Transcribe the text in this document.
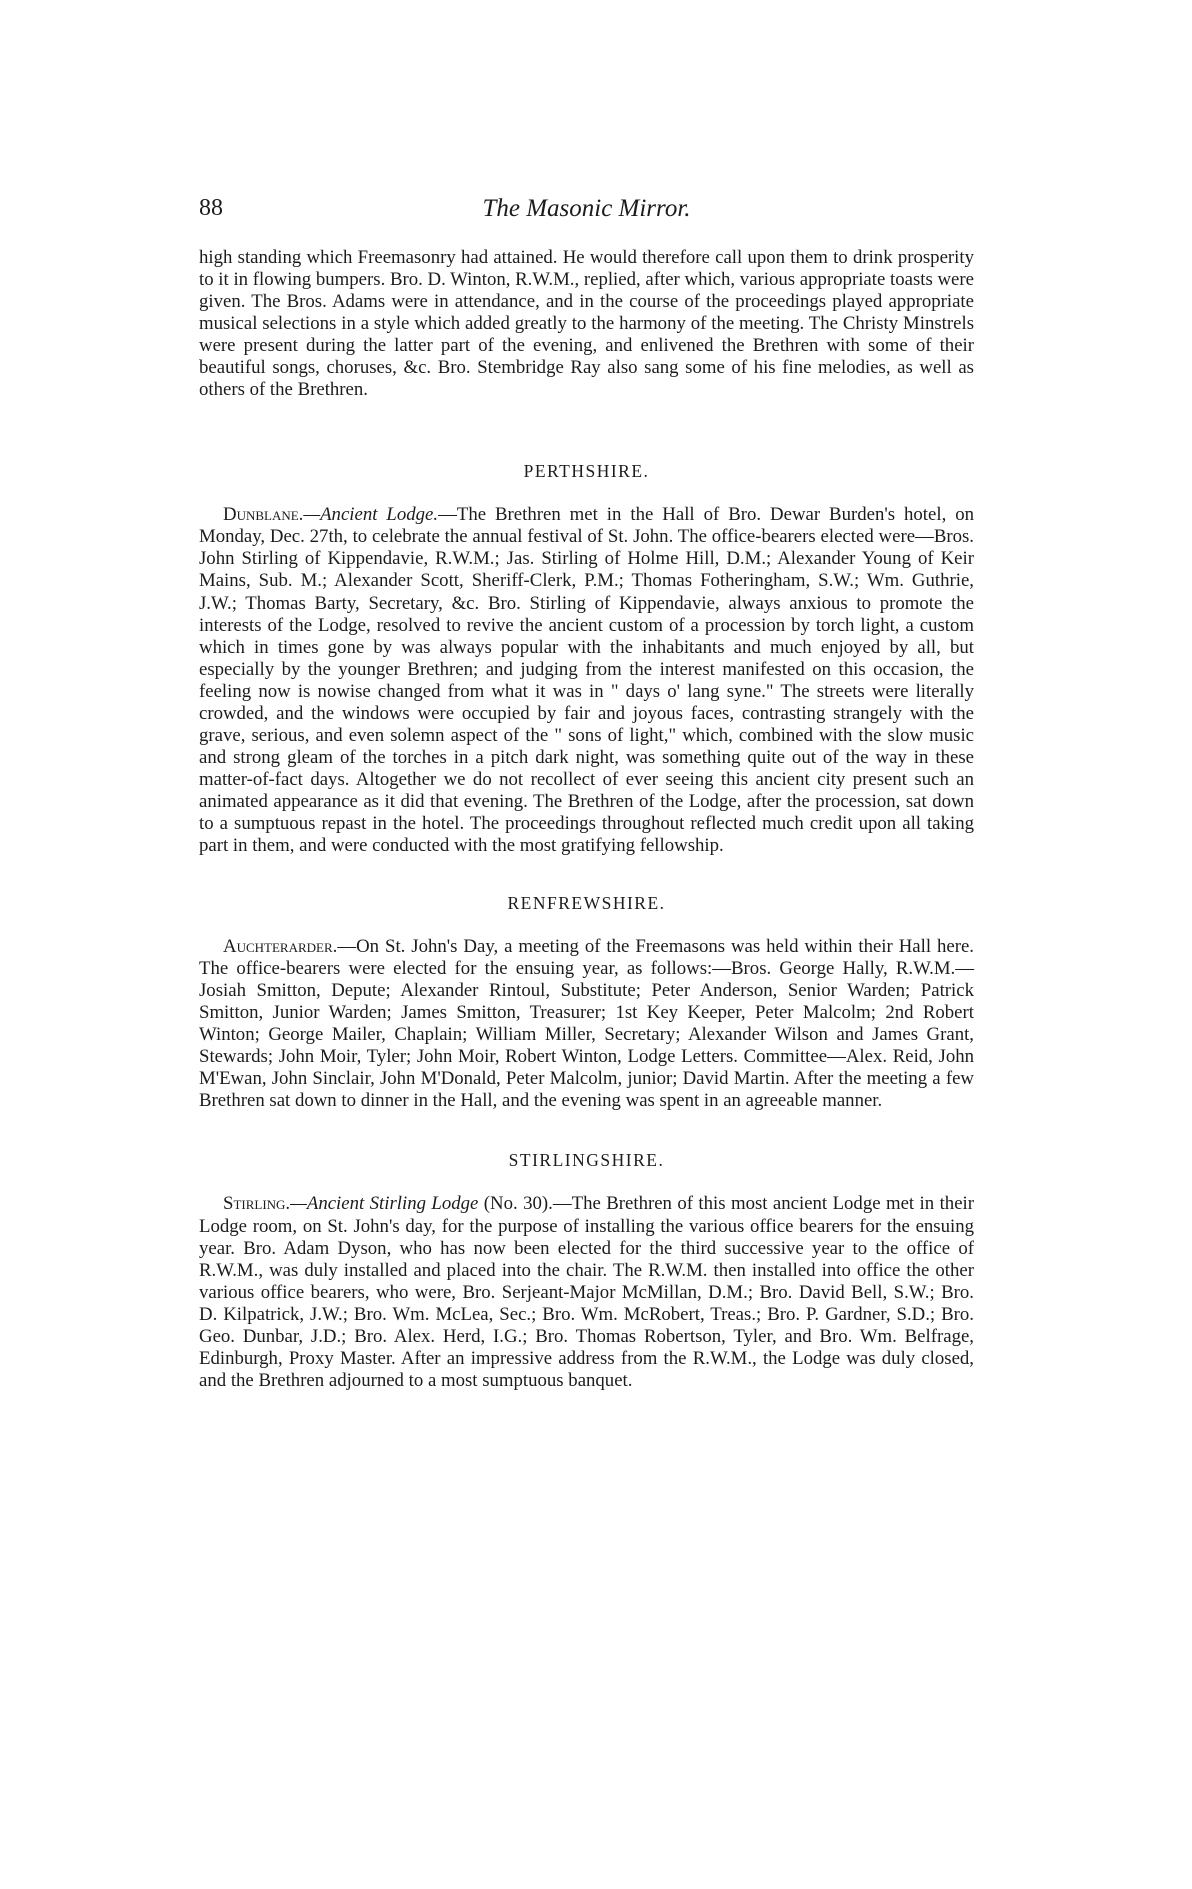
88	The Masonic Mirror.

high standing which Freemasonry had attained. He would therefore call upon them to drink prosperity to it in flowing bumpers. Bro. D. Winton, R.W.M., replied, after which, various appropriate toasts were given. The Bros. Adams were in attendance, and in the course of the proceedings played appropriate musical selections in a style which added greatly to the harmony of the meeting. The Christy Minstrels were present during the latter part of the evening, and enlivened the Brethren with some of their beautiful songs, choruses, &c. Bro. Stembridge Ray also sang some of his fine melodies, as well as others of the Brethren.

PERTHSHIRE.

Dunblane.—Ancient Lodge.—The Brethren met in the Hall of Bro. Dewar Burden's hotel, on Monday, Dec. 27th, to celebrate the annual festival of St. John. The office-bearers elected were—Bros. John Stirling of Kippendavie, R.W.M.; Jas. Stirling of Holme Hill, D.M.; Alexander Young of Keir Mains, Sub. M.; Alexander Scott, Sheriff-Clerk, P.M.; Thomas Fotheringham, S.W.; Wm. Guthrie, J.W.; Thomas Barty, Secretary, &c. Bro. Stirling of Kippendavie, always anxious to promote the interests of the Lodge, resolved to revive the ancient custom of a procession by torch light, a custom which in times gone by was always popular with the inhabitants and much enjoyed by all, but especially by the younger Brethren; and judging from the interest manifested on this occasion, the feeling now is nowise changed from what it was in " days o' lang syne." The streets were literally crowded, and the windows were occupied by fair and joyous faces, contrasting strangely with the grave, serious, and even solemn aspect of the " sons of light," which, combined with the slow music and strong gleam of the torches in a pitch dark night, was something quite out of the way in these matter-of-fact days. Altogether we do not recollect of ever seeing this ancient city present such an animated appearance as it did that evening. The Brethren of the Lodge, after the procession, sat down to a sumptuous repast in the hotel. The proceedings throughout reflected much credit upon all taking part in them, and were conducted with the most gratifying fellowship.

RENFREWSHIRE.

Auchterarder.—On St. John's Day, a meeting of the Freemasons was held within their Hall here. The office-bearers were elected for the ensuing year, as follows:—Bros. George Hally, R.W.M.—Josiah Smitton, Depute; Alexander Rintoul, Substitute; Peter Anderson, Senior Warden; Patrick Smitton, Junior Warden; James Smitton, Treasurer; 1st Key Keeper, Peter Malcolm; 2nd Robert Winton; George Mailer, Chaplain; William Miller, Secretary; Alexander Wilson and James Grant, Stewards; John Moir, Tyler; John Moir, Robert Winton, Lodge Letters. Committee—Alex. Reid, John M'Ewan, John Sinclair, John M'Donald, Peter Malcolm, junior; David Martin. After the meeting a few Brethren sat down to dinner in the Hall, and the evening was spent in an agreeable manner.

STIRLINGSHIRE.

Stirling.—Ancient Stirling Lodge (No. 30).—The Brethren of this most ancient Lodge met in their Lodge room, on St. John's day, for the purpose of installing the various office bearers for the ensuing year. Bro. Adam Dyson, who has now been elected for the third successive year to the office of R.W.M., was duly installed and placed into the chair. The R.W.M. then installed into office the other various office bearers, who were, Bro. Serjeant-Major McMillan, D.M.; Bro. David Bell, S.W.; Bro. D. Kilpatrick, J.W.; Bro. Wm. McLea, Sec.; Bro. Wm. McRobert, Treas.; Bro. P. Gardner, S.D.; Bro. Geo. Dunbar, J.D.; Bro. Alex. Herd, I.G.; Bro. Thomas Robertson, Tyler, and Bro. Wm. Belfrage, Edinburgh, Proxy Master. After an impressive address from the R.W.M., the Lodge was duly closed, and the Brethren adjourned to a most sumptuous banquet.
